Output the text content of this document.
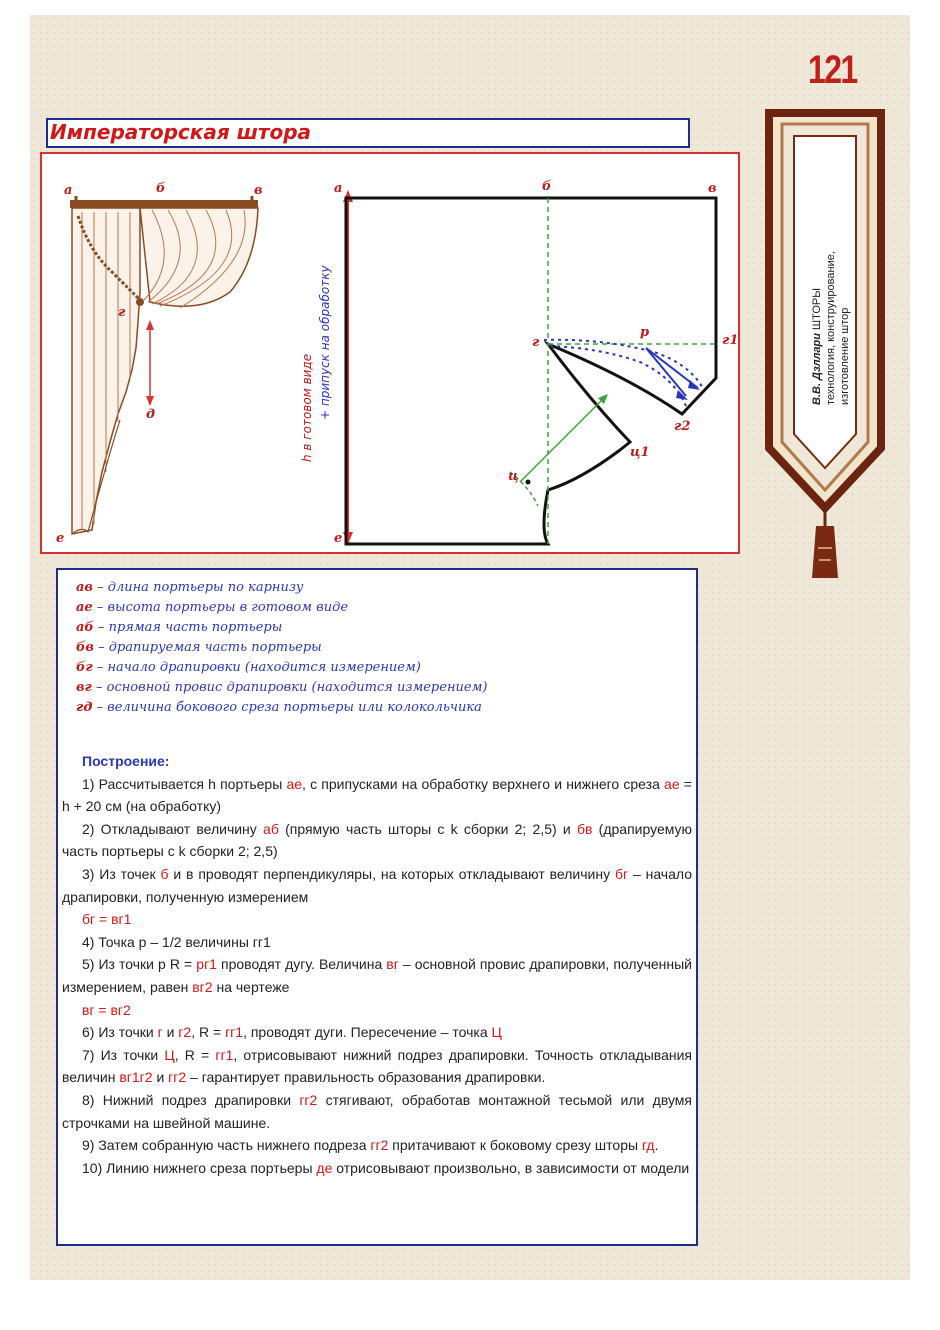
121
В.В. Дзллари ШТОРЫ технология, конструирование, изготовление штор
Императорская штора
а	б	в
г
д
е
а	б	в
г	г1
г2
р
ц
ц1
е
h в готовом виде + припуск на обработку
ав – длина портьеры по карнизу
ае – высота портьеры в готовом виде
аб – прямая часть портьеры
бв – драпируемая часть портьеры
бг – начало драпировки (находится измерением)
вг – основной провис драпировки (находится измерением)
гд – величина бокового среза портьеры или колокольчика

Построение:

1) Рассчитывается h портьеры ае, с припусками на обработку верхнего и нижнего среза ае = h + 20 см (на обработку)

2) Откладывают величину аб (прямую часть шторы с k сборки 2; 2,5) и бв (драпируемую часть портьеры с k сборки 2; 2,5)

3) Из точек б и в проводят перпендикуляры, на которых откладывают величину бг – начало драпировки, полученную измерением

бг = вг1

4) Точка р – 1/2 величины гг1

5) Из точки р R = рг1 проводят дугу. Величина вг – основной провис драпировки, полученный измерением, равен вг2 на чертеже

вг = вг2

6) Из точки г и г2, R = гг1, проводят дуги. Пересечение – точка Ц

7) Из точки Ц, R = гг1, отрисовывают нижний подрез драпировки. Точность откладывания величин вг1г2 и гг2 – гарантирует правильность образования драпировки.

8) Нижний подрез драпировки гг2 стягивают, обработав монтажной тесьмой или двумя строчками на швейной машине.

9) Затем собранную часть нижнего подреза гг2 притачивают к боковому срезу шторы гд.

10) Линию нижнего среза портьеры де отрисовывают произвольно, в зависимости от модели
